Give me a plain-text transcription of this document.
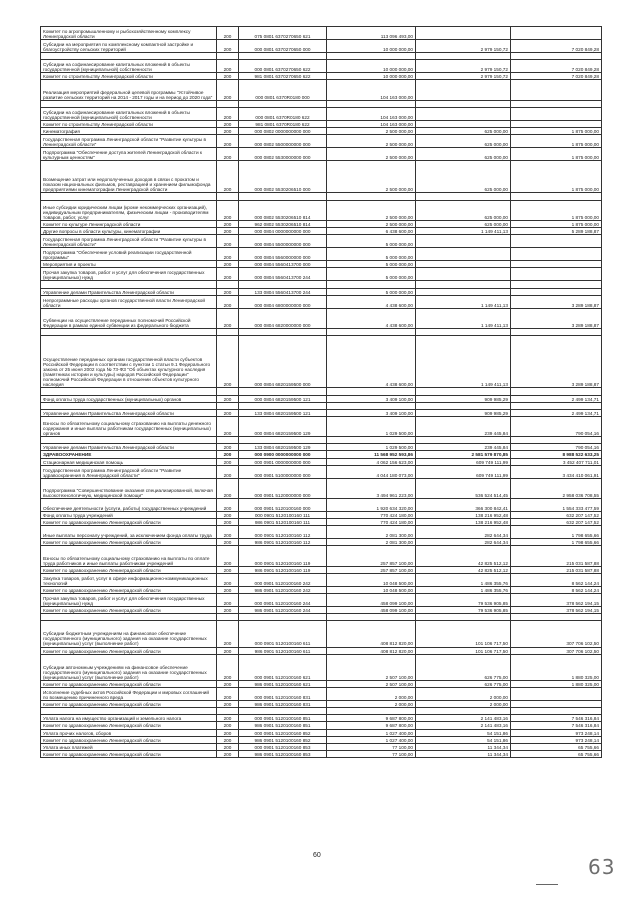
Комитет по агропромышленному и рыбохозяйственному комплексу Ленинградской области	200	075 0801 6370270650 621	113 096 493,00		
Субсидии на мероприятия по комплексному компактной застройке и благоустройству сельских территорий	200	000 0801 6370270650 000	10 000 000,00	2 979 150,72	7 020 849,28

Субсидии на софинансирование капитальных вложений в объекты государственной (муниципальной) собственности	200	000 0801 6370270650 622	10 000 000,00	2 979 150,72	7 020 849,28
Комитет по строительству Ленинградской области	200	981 0801 6370270650 622	10 000 000,00	2 979 150,72	7 020 849,28
Реализация мероприятий федеральной целевой программы "Устойчивое развитие сельских территорий на 2014 - 2017 годы и на период до 2020 года"	200	000 0801 6370R0180 000	104 163 000,00		

Субсидии на софинансирование капитальных вложений в объекты государственной (муниципальной) собственности	200	000 0801 6370R0180 622	104 163 000,00		
Комитет по строительству Ленинградской области	200	981 0801 6370R0180 622	104 163 000,00		
Кинематография	200	000 0802 0000000000 000	2 500 000,00	625 000,00	1 875 000,00
Государственная программа Ленинградской области "Развитие культуры в Ленинградской области"	200	000 0802 5500000000 000	2 500 000,00	625 000,00	1 875 000,00
Подпрограмма "Обеспечение доступа жителей Ленинградской области к культурным ценностям"	200	000 0802 5530000000 000	2 500 000,00	625 000,00	1 875 000,00
Возмещение затрат или недополученных доходов в связи с прокатом и показом национальных фильмов, реставрацией и хранением фильмофонда предприятиями кинематографии Ленинградской области	200	000 0802 5530206510 000	2 500 000,00	625 000,00	1 875 000,00

Иные субсидии юридическим лицам (кроме некоммерческих организаций), индивидуальным предпринимателям, физическим лицам - производителям товаров, работ, услуг	200	000 0802 5530206510 814	2 500 000,00	625 000,00	1 875 000,00
Комитет по культуре Ленинградской области	200	962 0802 5530206510 814	2 500 000,00	625 000,00	1 875 000,00
Другие вопросы в области культуры, кинематографии	200	000 0804 0000000000 000	6 438 600,00	1 149 411,13	5 289 188,87
Государственная программа Ленинградской области "Развитие культуры в Ленинградской области"	200	000 0804 5500000000 000	5 000 000,00		
Подпрограмма "Обеспечение условий реализации государственной программы"	200	000 0804 5560000000 000	5 000 000,00		
Мероприятия и проекты	200	000 0804 5560413700 000	5 000 000,00		
Прочая закупка товаров, работ и услуг для обеспечения государственных (муниципальных) нужд	200	000 0804 5560413700 244	5 000 000,00		

Управление делами Правительства Ленинградской области	200	133 0804 5560413700 244	5 000 000,00		
Непрограммные расходы органов государственной власти Ленинградской области	200	000 0804 6800000000 000	4 438 600,00	1 149 411,13	3 289 188,87
Субвенции на осуществление переданных полномочий Российской Федерации в рамках единой субвенции из федерального бюджета	200	000 0804 6820000000 000	4 438 600,00	1 149 411,13	3 289 188,87

Осуществление переданных органам государственной власти субъектов Российской Федерации в соответствии с пунктом 1 статьи 9.1 Федерального закона от 25 июня 2002 года № 73-ФЗ "Об объектах культурного наследия (памятниках истории и культуры) народов Российской Федерации" полномочий Российской Федерации в отношении объектов культурного наследия	200	000 0804 6820159500 000	4 438 600,00	1 149 411,13	3 289 188,87

Фонд оплаты труда государственных (муниципальных) органов	200	000 0804 6820159500 121	3 409 100,00	909 985,29	2 499 134,71

Управление делами Правительства Ленинградской области	200	133 0804 6820159500 121	3 409 100,00	909 985,29	2 499 134,71
Взносы по обязательному социальному страхованию на выплаты денежного содержания и иные выплаты работникам государственных (муниципальных) органов	200	000 0804 6820159500 129	1 029 500,00	239 445,84	790 054,16

Управление делами Правительства Ленинградской области	200	133 0804 6820159500 129	1 029 500,00	239 445,84	790 054,16
ЗДРАВООХРАНЕНИЕ	200	000 0900 0000000000 000	11 568 952 593,86	2 581 579 870,85	8 988 522 633,25
Стационарная медицинская помощь	200	000 0901 0000000000 000	4 062 156 623,00	609 749 111,99	3 452 407 711,01
Государственная программа Ленинградской области "Развитие здравоохранения в Ленинградской области"	200	000 0901 5100000000 000	4 044 180 073,00	609 749 111,99	3 434 410 061,91
Подпрограмма "Совершенствование оказания специализированной, включая высокотехнологичную, медицинской помощи"	200	000 0901 5120000000 000	3 494 961 223,00	536 524 514,45	2 958 036 708,55
Обеспечение деятельности (услуги, работы) государственных учреждений	200	000 0901 5120100160 000	1 920 634 320,00	366 300 842,41	1 554 333 477,59
Фонд оплаты труда учреждений	200	000 0901 5120100160 111	770 424 180,00	138 216 952,48	632 207 147,52
Комитет по здравоохранению Ленинградской области	200	986 0901 5120100160 111	770 424 180,00	138 216 952,48	632 207 147,52
Иные выплаты персоналу учреждений, за исключением фонда оплаты труда	200	000 0901 5120100160 112	2 081 300,00	282 644,34	1 798 655,66
Комитет по здравоохранению Ленинградской области	200	986 0901 5120100160 112	2 081 300,00	282 644,34	1 798 655,66
Взносы по обязательному социальному страхованию на выплаты по оплате труда работников и иные выплаты работникам учреждений	200	000 0901 5120100160 119	257 857 100,00	42 825 512,12	215 031 587,88
Комитет по здравоохранению Ленинградской области	200	986 0901 5120100160 119	257 857 100,00	42 825 512,12	215 031 587,88
Закупка товаров, работ, услуг в сфере информационно-коммуникационных технологий	200	000 0901 5120100160 242	10 048 500,00	1 486 355,76	8 562 144,24
Комитет по здравоохранению Ленинградской области	200	986 0901 5120100160 242	10 048 500,00	1 486 355,76	8 562 144,24
Прочая закупка товаров, работ и услуг для обеспечения государственных (муниципальных) нужд	200	000 0901 5120100160 244	458 099 100,00	79 536 905,85	378 562 194,15
Комитет по здравоохранению Ленинградской области	200	986 0901 5120100160 244	458 099 100,00	79 536 905,85	378 562 194,15

Субсидии бюджетным учреждениям на финансовое обеспечение государственного (муниципального) задания на оказание государственных (муниципальных) услуг (выполнение работ)	200	000 0901 5120100160 611	408 812 820,00	101 106 717,50	307 706 102,50
Комитет по здравоохранению Ленинградской области	200	986 0901 5120100160 611	408 812 820,00	101 106 717,50	307 706 102,50
Субсидии автономным учреждениям на финансовое обеспечение государственного (муниципального) задания на оказание государственных (муниципальных) услуг (выполнение работ)	200	000 0901 5120100160 621	2 507 100,00	626 775,00	1 880 325,00
Комитет по здравоохранению Ленинградской области	200	986 0901 5120100160 621	2 507 100,00	626 775,00	1 880 325,00
Исполнение судебных актов Российской Федерации и мировых соглашений по возмещению причиненного вреда	200	000 0901 5120100160 831	2 000,00	2 000,00	
Комитет по здравоохранению Ленинградской области	200	986 0901 5120100160 831	2 000,00	2 000,00	

Уплата налога на имущество организаций и земельного налога	200	000 0901 5120100160 851	9 687 800,00	2 141 483,16	7 546 316,84
Комитет по здравоохранению Ленинградской области	200	986 0901 5120100160 851	9 687 800,00	2 141 483,16	7 546 316,84
Уплата прочих налогов, сборов	200	000 0901 5120100160 852	1 027 400,00	54 151,86	973 248,14
Комитет по здравоохранению Ленинградской области	200	986 0901 5120100160 852	1 027 400,00	54 151,86	973 248,14
Уплата иных платежей	200	000 0901 5120100160 853	77 100,00	11 344,34	65 755,66
Комитет по здравоохранению Ленинградской области	200	986 0901 5120100160 853	77 100,00	11 344,34	65 755,66
60	63
